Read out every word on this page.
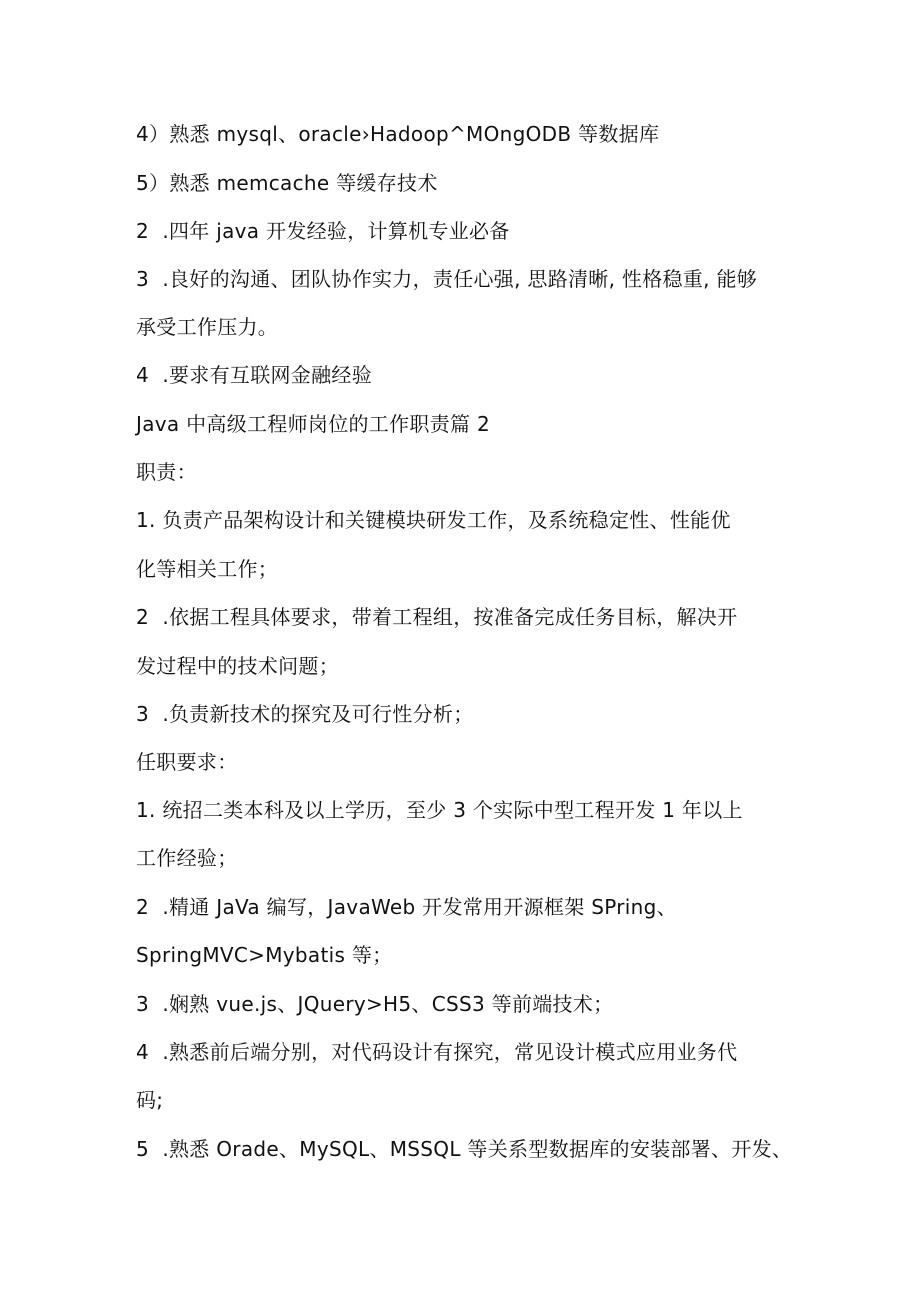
4）熟悉 mysql、oracle›Hadoop^MOngODB 等数据库
5）熟悉 memcache 等缓存技术
2  .四年 java 开发经验，计算机专业必备
3  .良好的沟通、团队协作实力，责任心强, 思路清晰, 性格稳重, 能够
承受工作压力。
4  .要求有互联网金融经验
Java 中高级工程师岗位的工作职责篇 2
职责：
1. 负责产品架构设计和关键模块研发工作，及系统稳定性、性能优
化等相关工作；
2  .依据工程具体要求，带着工程组，按准备完成任务目标，解决开
发过程中的技术问题；
3  .负责新技术的探究及可行性分析；
任职要求：
1. 统招二类本科及以上学历，至少 3 个实际中型工程开发 1 年以上
工作经验；
2  .精通 JaVa 编写，JavaWeb 开发常用开源框架 SPring、
SpringMVC>Mybatis 等；
3  .娴熟 vue.js、JQuery>H5、CSS3 等前端技术；
4  .熟悉前后端分别，对代码设计有探究，常见设计模式应用业务代
码;
5  .熟悉 Orade、MySQL、MSSQL 等关系型数据库的安装部署、开发、
